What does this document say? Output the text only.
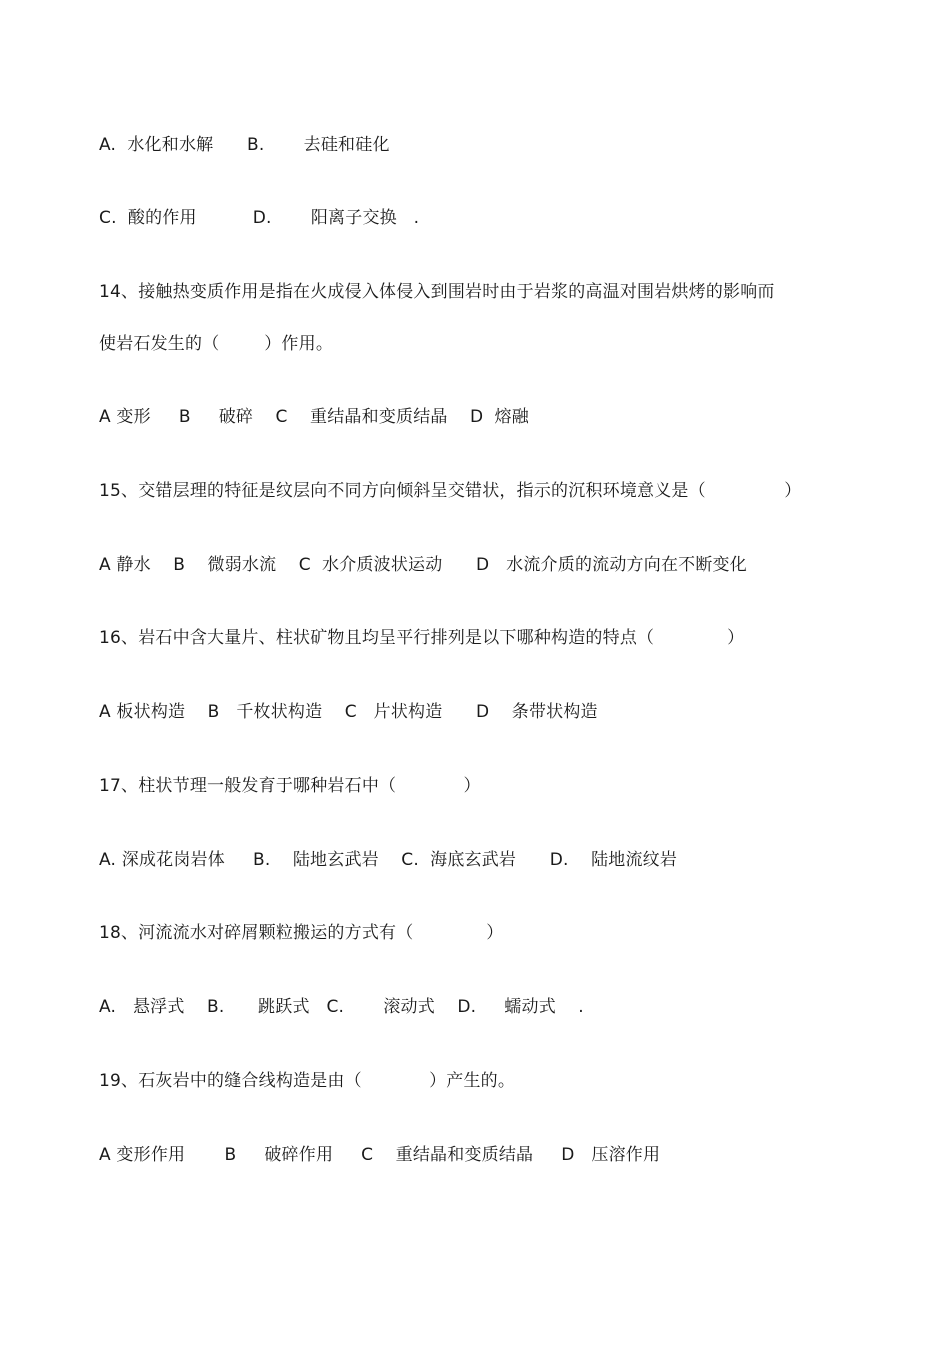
A.  水化和水解      B.       去硅和硅化
C.  酸的作用          D.       阳离子交换   .
14、接触热变质作用是指在火成侵入体侵入到围岩时由于岩浆的高温对围岩烘烤的影响而
使岩石发生的（        ）作用。
A 变形     B     破碎    C    重结晶和变质结晶    D  熔融
15、交错层理的特征是纹层向不同方向倾斜呈交错状，指示的沉积环境意义是（              ）
A 静水    B    微弱水流    C  水介质波状运动      D   水流介质的流动方向在不断变化
16、岩石中含大量片、柱状矿物且均呈平行排列是以下哪种构造的特点（             ）
A 板状构造    B   千枚状构造    C   片状构造      D    条带状构造
17、柱状节理一般发育于哪种岩石中（            ）
A. 深成花岗岩体     B.    陆地玄武岩    C.  海底玄武岩      D.    陆地流纹岩
18、河流流水对碎屑颗粒搬运的方式有（             ）
A.   悬浮式    B.      跳跃式   C.       滚动式    D.     蠕动式    .
19、石灰岩中的缝合线构造是由（            ）产生的。
A 变形作用       B     破碎作用     C    重结晶和变质结晶     D   压溶作用
